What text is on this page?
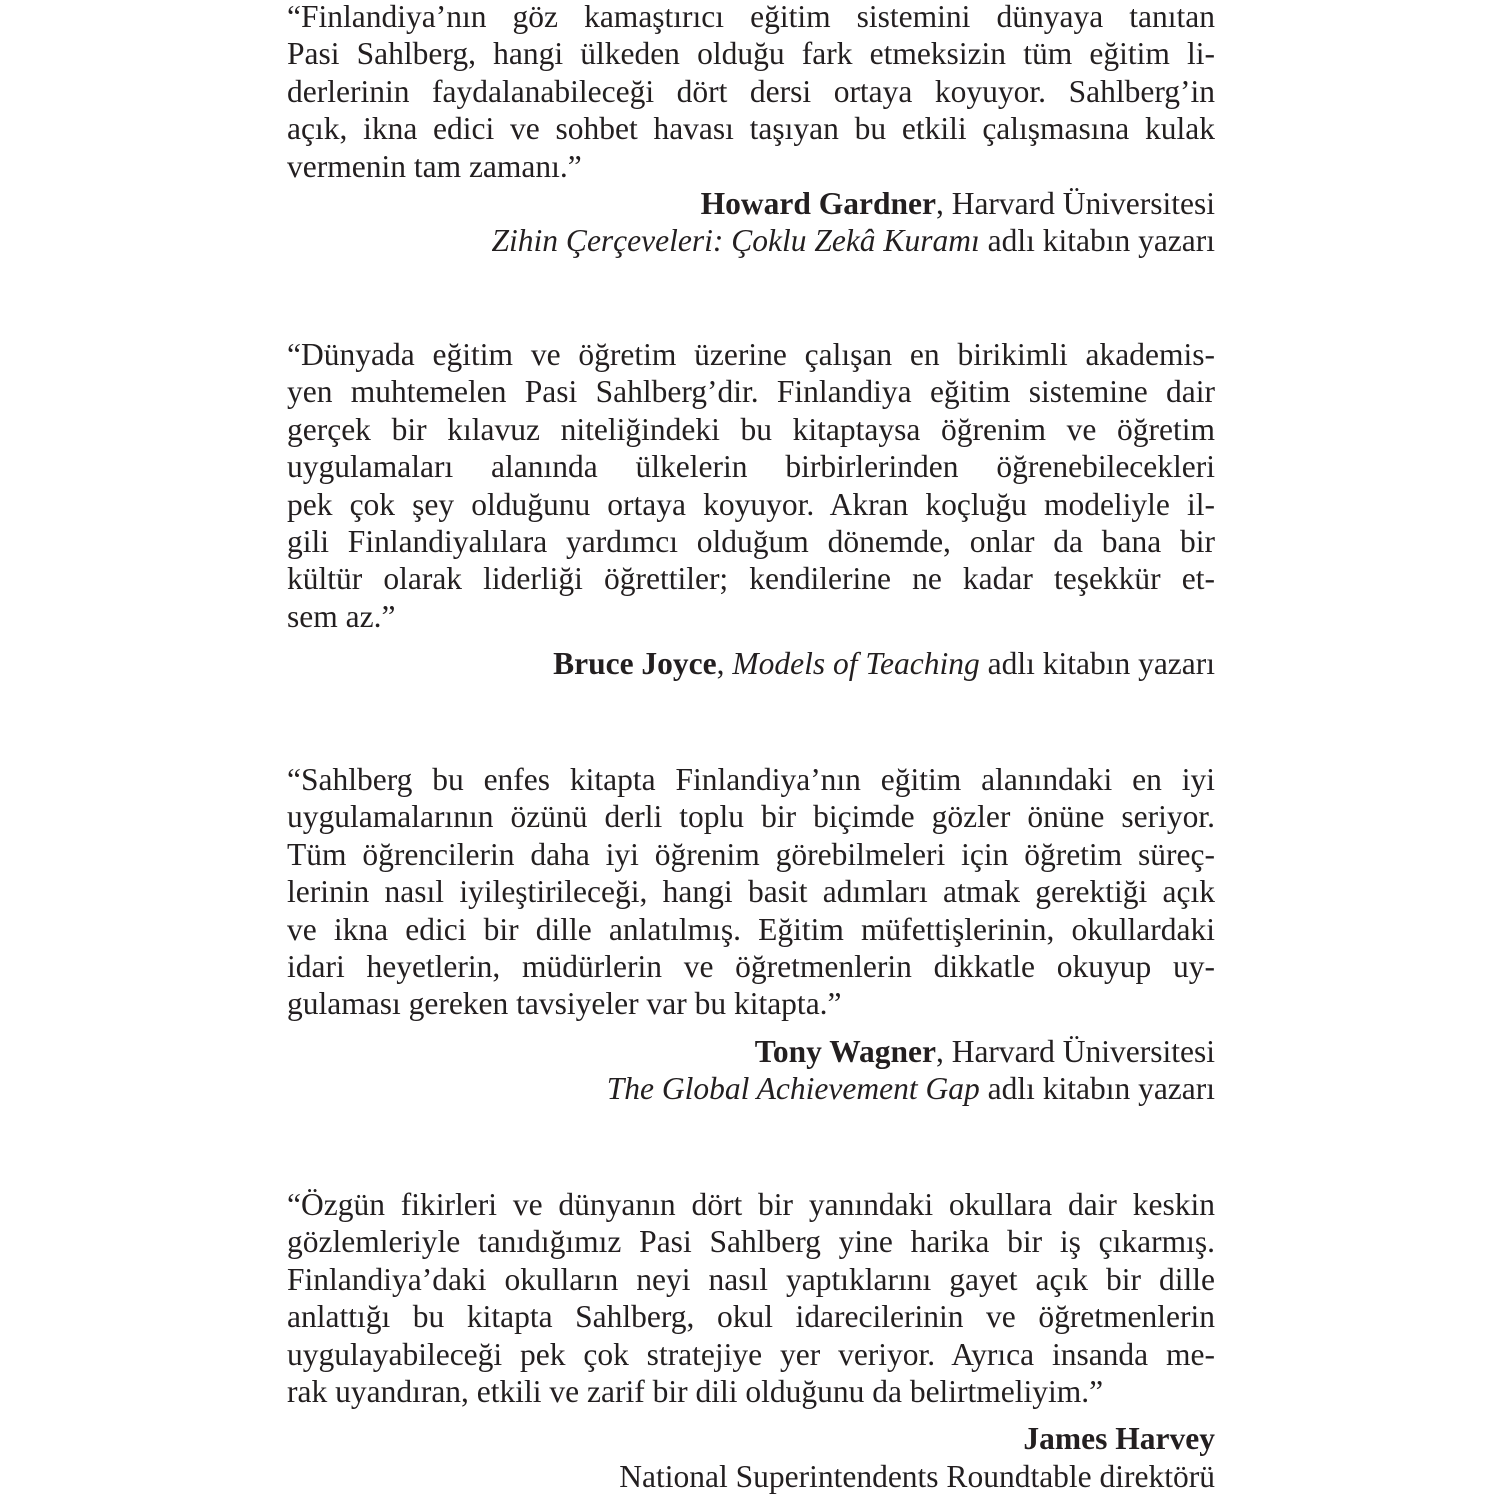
“Finlandiya’nın göz kamaştırıcı eğitim sistemini dünyaya tanıtan
Pasi Sahlberg, hangi ülkeden olduğu fark etmeksizin tüm eğitim li-
derlerinin faydalanabileceği dört dersi ortaya koyuyor. Sahlberg’in
açık, ikna edici ve sohbet havası taşıyan bu etkili çalışmasına kulak
vermenin tam zamanı.”
Howard Gardner, Harvard Üniversitesi
Zihin Çerçeveleri: Çoklu Zekâ Kuramı adlı kitabın yazarı
“Dünyada eğitim ve öğretim üzerine çalışan en birikimli akademis-
yen muhtemelen Pasi Sahlberg’dir. Finlandiya eğitim sistemine dair
gerçek bir kılavuz niteliğindeki bu kitaptaysa öğrenim ve öğretim
uygulamaları alanında ülkelerin birbirlerinden öğrenebilecekleri
pek çok şey olduğunu ortaya koyuyor. Akran koçluğu modeliyle il-
gili Finlandiyalılara yardımcı olduğum dönemde, onlar da bana bir
kültür olarak liderliği öğrettiler; kendilerine ne kadar teşekkür et-
sem az.”
Bruce Joyce, Models of Teaching adlı kitabın yazarı
“Sahlberg bu enfes kitapta Finlandiya’nın eğitim alanındaki en iyi
uygulamalarının özünü derli toplu bir biçimde gözler önüne seriyor.
Tüm öğrencilerin daha iyi öğrenim görebilmeleri için öğretim süreç-
lerinin nasıl iyileştirileceği, hangi basit adımları atmak gerektiği açık
ve ikna edici bir dille anlatılmış. Eğitim müfettişlerinin, okullardaki
idari heyetlerin, müdürlerin ve öğretmenlerin dikkatle okuyup uy-
gulaması gereken tavsiyeler var bu kitapta.”
Tony Wagner, Harvard Üniversitesi
The Global Achievement Gap adlı kitabın yazarı
“Özgün fikirleri ve dünyanın dört bir yanındaki okullara dair keskin
gözlemleriyle tanıdığımız Pasi Sahlberg yine harika bir iş çıkarmış.
Finlandiya’daki okulların neyi nasıl yaptıklarını gayet açık bir dille
anlattığı bu kitapta Sahlberg, okul idarecilerinin ve öğretmenlerin
uygulayabileceği pek çok stratejiye yer veriyor. Ayrıca insanda me-
rak uyandıran, etkili ve zarif bir dili olduğunu da belirtmeliyim.”
James Harvey
National Superintendents Roundtable direktörü
